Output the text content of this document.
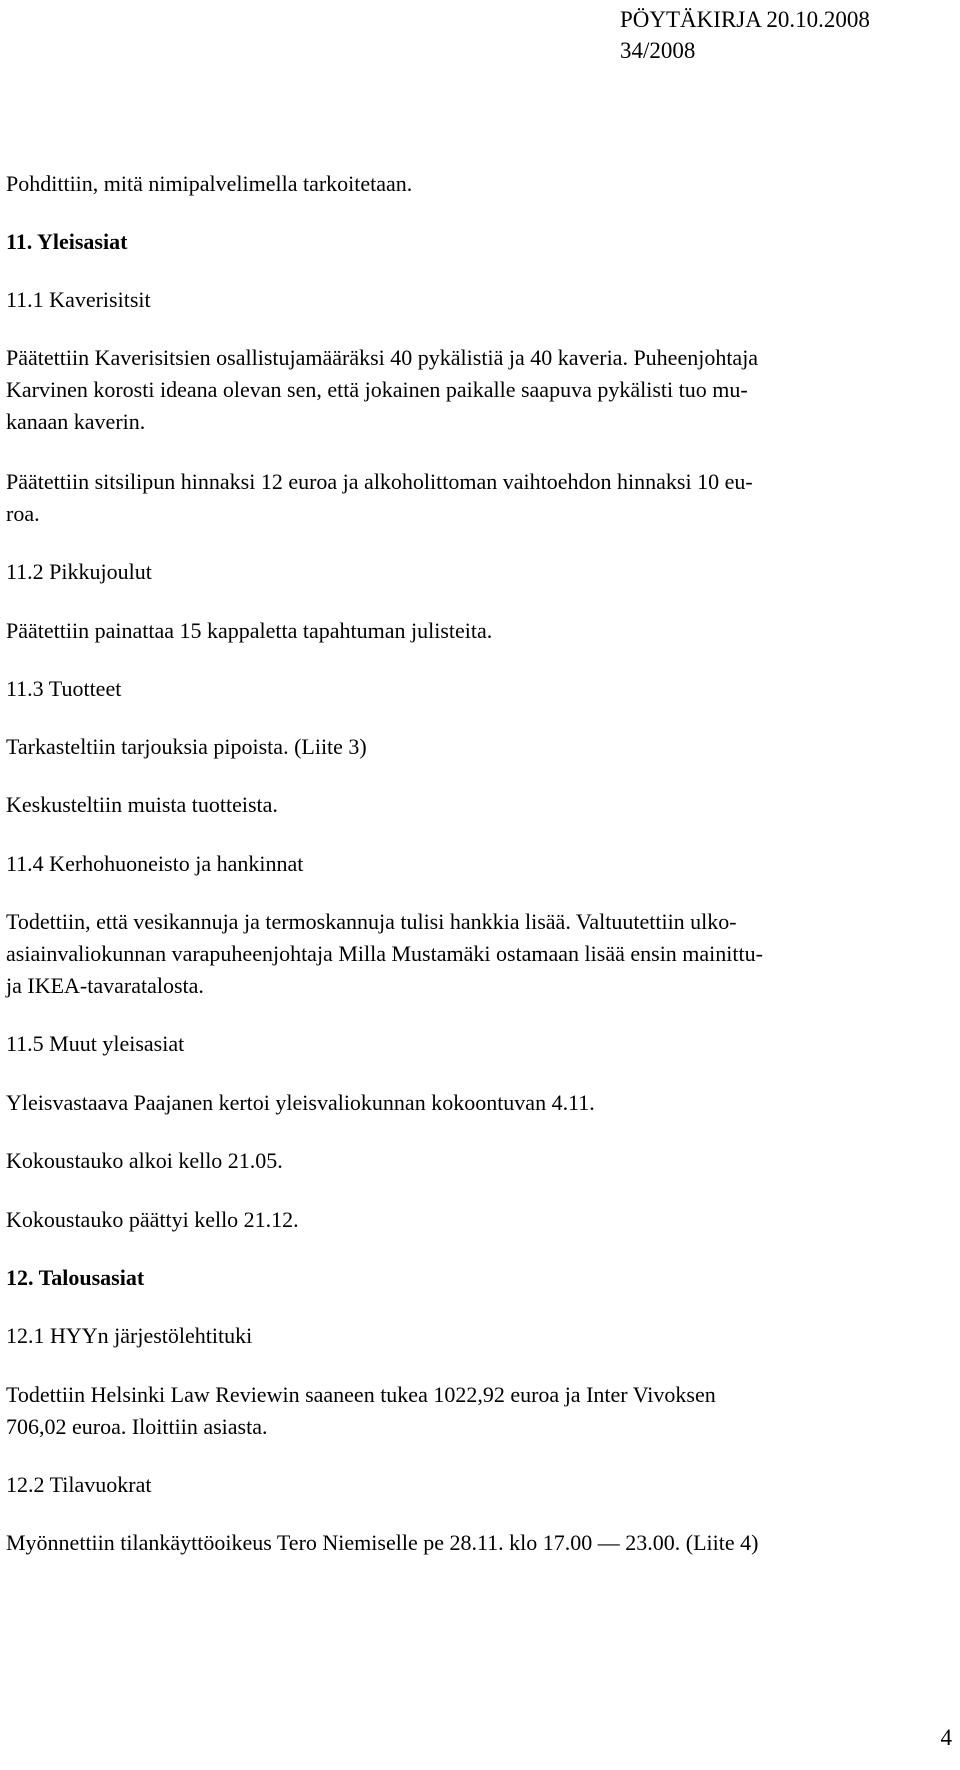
PÖYTÄKIRJA 20.10.2008
34/2008
Pohdittiin, mitä nimipalvelimella tarkoitetaan.
11. Yleisasiat
11.1 Kaverisitsit
Päätettiin Kaverisitsien osallistujamääräksi 40 pykälistiä ja 40 kaveria. Puheenjohtaja
Karvinen korosti ideana olevan sen, että jokainen paikalle saapuva pykälisti tuo mu-
kanaan kaverin.
Päätettiin sitsilipun hinnaksi 12 euroa ja alkoholittoman vaihtoehdon hinnaksi 10 eu-
roa.
11.2 Pikkujoulut
Päätettiin painattaa 15 kappaletta tapahtuman julisteita.
11.3 Tuotteet
Tarkasteltiin tarjouksia pipoista. (Liite 3)
Keskusteltiin muista tuotteista.
11.4 Kerhohuoneisto ja hankinnat
Todettiin, että vesikannuja ja termoskannuja tulisi hankkia lisää. Valtuutettiin ulko-
asiainvaliokunnan varapuheenjohtaja Milla Mustamäki ostamaan lisää ensin mainittu-
ja IKEA-tavaratalosta.
11.5 Muut yleisasiat
Yleisvastaava Paajanen kertoi yleisvaliokunnan kokoontuvan 4.11.
Kokoustauko alkoi kello 21.05.
Kokoustauko päättyi kello 21.12.
12. Talousasiat
12.1 HYYn järjestölehtituki
Todettiin Helsinki Law Reviewin saaneen tukea 1022,92 euroa ja Inter Vivoksen
706,02 euroa. Iloittiin asiasta.
12.2 Tilavuokrat
Myönnettiin tilankäyttöoikeus Tero Niemiselle pe 28.11. klo 17.00 — 23.00. (Liite 4)
4
